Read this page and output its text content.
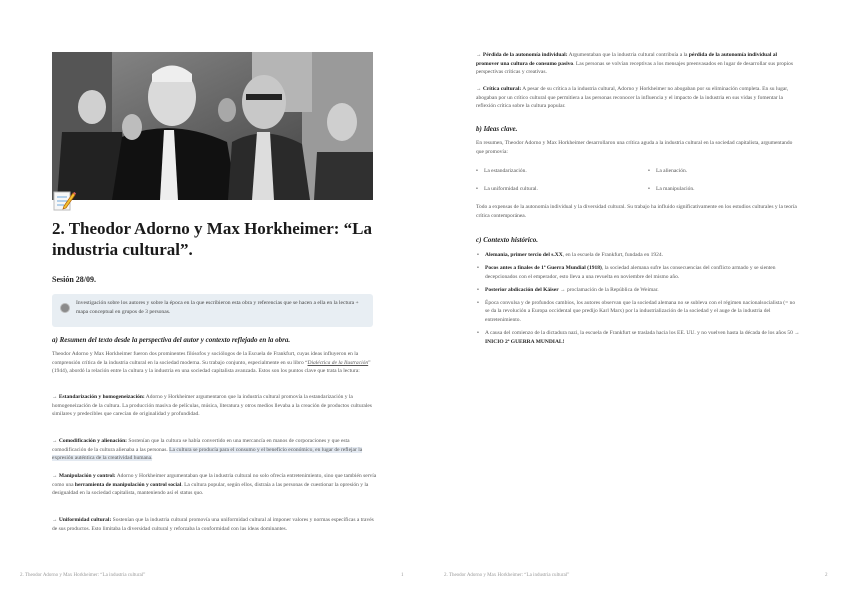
2. Theodor Adorno y Max Horkheimer: “La industria cultural”.
Sesión 28/09.
Investigación sobre los autores y sobre la época en la que escribieron esta obra y referencias que se hacen a ella en la lectura + mapa conceptual en grupos de 3 personas.
a) Resumen del texto desde la perspectiva del autor y contexto reflejado en la obra.
Theodor Adorno y Max Horkheimer fueron dos prominentes filósofos y sociólogos de la Escuela de Frankfurt, cuyas ideas influyeron en la comprensión crítica de la industria cultural en la sociedad moderna. Su trabajo conjunto, especialmente en su libro “Dialéctica de la Ilustración” (1944), abordó la relación entre la cultura y la industria en una sociedad capitalista avanzada. Estos son los puntos clave que trata la lectura:
→ Estandarización y homogeneización: Adorno y Horkheimer argumentaron que la industria cultural promovía la estandarización y la homogeneización de la cultura. La producción masiva de películas, música, literatura y otros medios llevaba a la creación de productos culturales similares y predecibles que carecían de originalidad y profundidad.
→ Comodificación y alienación: Sostenían que la cultura se había convertido en una mercancía en manos de corporaciones y que esta comodificación de la cultura alienaba a las personas. La cultura se producía para el consumo y el beneficio económico, en lugar de reflejar la expresión auténtica de la creatividad humana.
→ Manipulación y control: Adorno y Horkheimer argumentaban que la industria cultural no solo ofrecía entretenimiento, sino que también servía como una herramienta de manipulación y control social. La cultura popular, según ellos, distraía a las personas de cuestionar la opresión y la desigualdad en la sociedad capitalista, manteniendo así el status quo.
→ Uniformidad cultural: Sostenían que la industria cultural promovía una uniformidad cultural al imponer valores y normas específicas a través de sus productos. Esto limitaba la diversidad cultural y reforzaba la conformidad con las ideas dominantes.
2. Theodor Adorno y Max Horkheimer: “La industria cultural”	1
→ Pérdida de la autonomía individual: Argumentaban que la industria cultural contribuía a la pérdida de la autonomía individual al promover una cultura de consumo pasivo. Las personas se volvían receptivas a los mensajes preenvasados en lugar de desarrollar sus propios perspectivas críticas y creativas.
→ Crítica cultural: A pesar de su crítica a la industria cultural, Adorno y Horkheimer no abogaban por su eliminación completa. En su lugar, abogaban por un crítico cultural que permitiera a las personas reconocer la influencia y el impacto de la industria en sus vidas y fomentar la reflexión crítica sobre la cultura popular.
b) Ideas clave.
En resumen, Theodor Adorno y Max Horkheimer desarrollaron una crítica aguda a la industria cultural en la sociedad capitalista, argumentando que promovía:
• La estandarización.	• La alienación.
• La uniformidad cultural.	• La manipulación.
Todo a expensas de la autonomía individual y la diversidad cultural. Su trabajo ha influido significativamente en los estudios culturales y la teoría crítica contemporánea.
c) Contexto histórico.
• Alemania, primer tercio del s.XX, en la escuela de Frankfurt, fundada en 1924.
• Pocos antes a finales de 1ª Guerra Mundial (1918), la sociedad alemana sufre las consecuencias del conflicto armado y se sienten decepcionados con el emperador, esto lleva a una revuelta en noviembre del mismo año.
• Posterior abdicación del Káiser → proclamación de la República de Weimar.
• Época convulsa y de profundos cambios, los autores observan que la sociedad alemana no se subleva con el régimen nacionalsocialista (= no se da la revolución a Europa occidental que predijo Karl Marx) por la industrialización de la sociedad y el auge de la industria del entretenimiento.
• A causa del comienzo de la dictadura nazi, la escuela de Frankfurt se traslada hacia los EE. UU. y no vuelven hasta la década de los años 50 → INICIO 2ª GUERRA MUNDIAL!
2. Theodor Adorno y Max Horkheimer: “La industria cultural”	2
